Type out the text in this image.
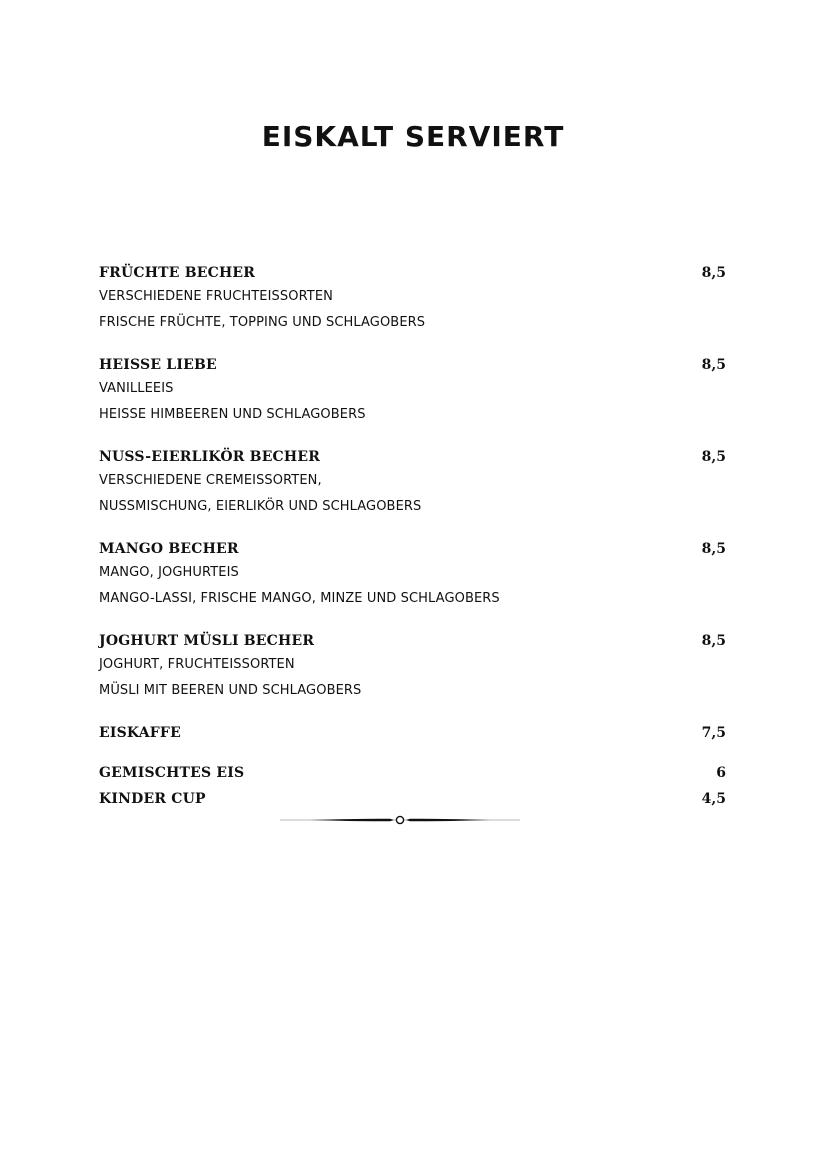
EISKALT SERVIERT
FRÜCHTE BECHER	8,5
VERSCHIEDENE FRUCHTEISSORTEN
FRISCHE FRÜCHTE, TOPPING UND SCHLAGOBERS
HEISSE LIEBE	8,5
VANILLEEIS
HEISSE HIMBEEREN UND SCHLAGOBERS
NUSS-EIERLIKÖR BECHER	8,5
VERSCHIEDENE CREMEISSORTEN,
NUSSMISCHUNG, EIERLIKÖR UND SCHLAGOBERS
MANGO BECHER	8,5
MANGO, JOGHURTEIS
MANGO-LASSI, FRISCHE MANGO, MINZE UND SCHLAGOBERS
JOGHURT MÜSLI BECHER	8,5
JOGHURT, FRUCHTEISSORTEN
MÜSLI MIT BEEREN UND SCHLAGOBERS
EISKAFFE	7,5
GEMISCHTES EIS	6
KINDER CUP	4,5
